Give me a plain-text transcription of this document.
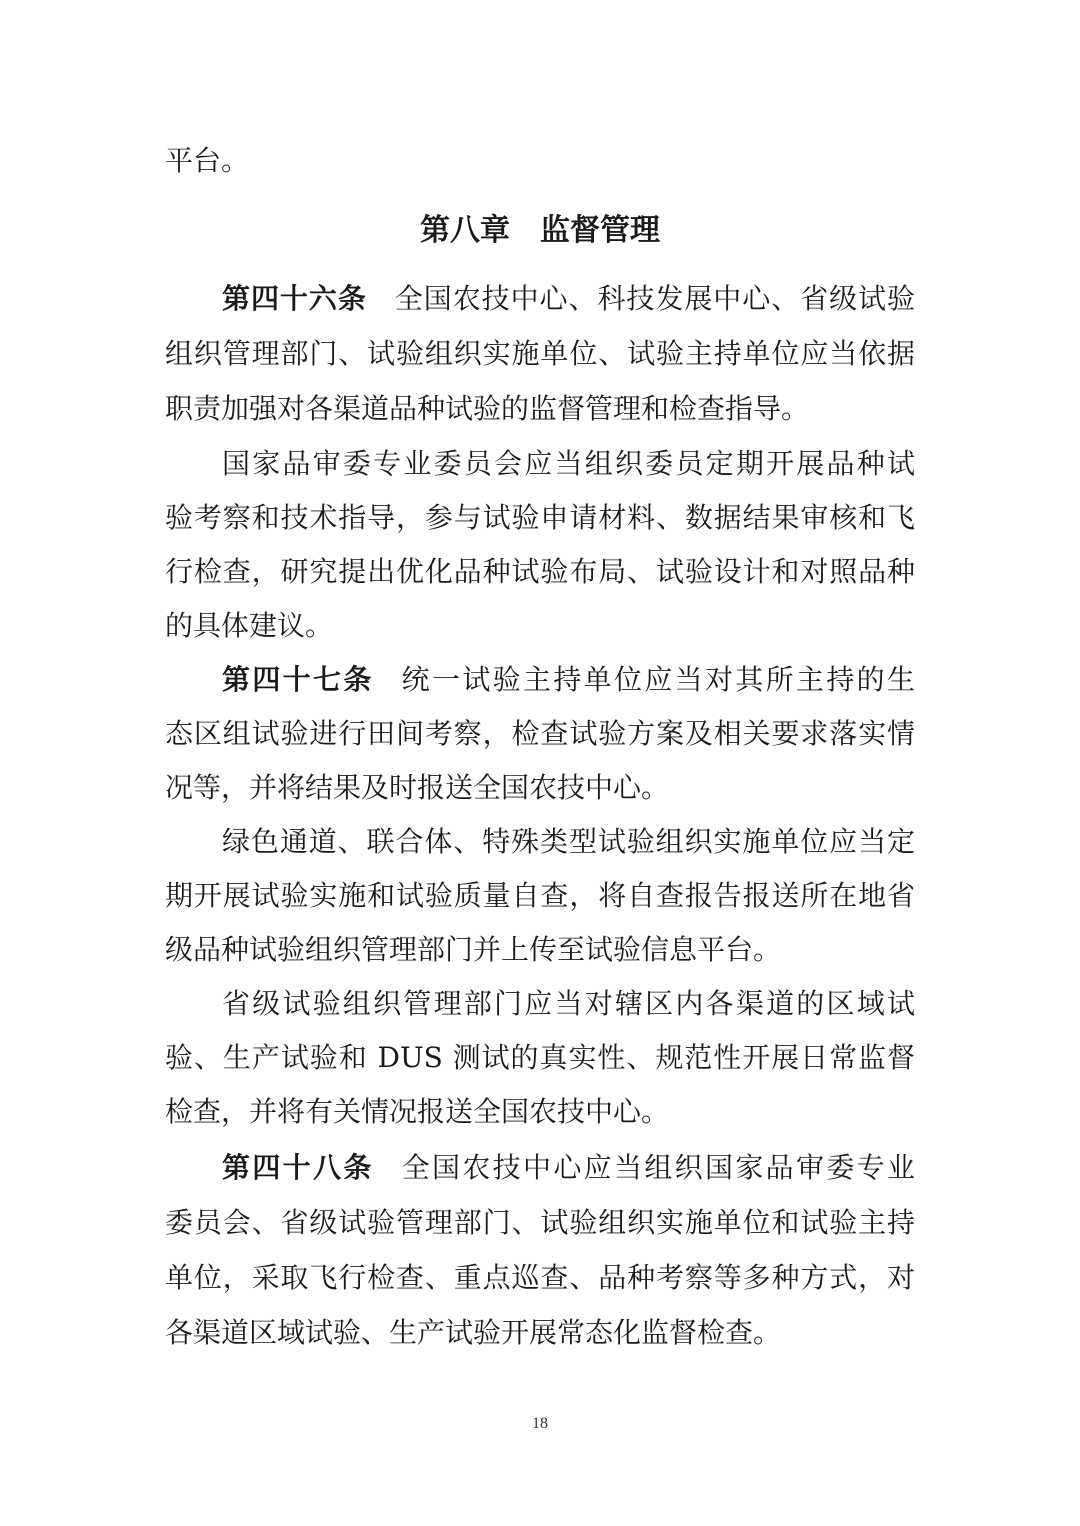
平台。
第八章 监督管理
第四十六条 全国农技中心、科技发展中心、省级试验
组织管理部门、试验组织实施单位、试验主持单位应当依据
职责加强对各渠道品种试验的监督管理和检查指导。
国家品审委专业委员会应当组织委员定期开展品种试
验考察和技术指导，参与试验申请材料、数据结果审核和飞
行检查，研究提出优化品种试验布局、试验设计和对照品种
的具体建议。
第四十七条 统一试验主持单位应当对其所主持的生
态区组试验进行田间考察，检查试验方案及相关要求落实情
况等，并将结果及时报送全国农技中心。
绿色通道、联合体、特殊类型试验组织实施单位应当定
期开展试验实施和试验质量自查，将自查报告报送所在地省
级品种试验组织管理部门并上传至试验信息平台。
省级试验组织管理部门应当对辖区内各渠道的区域试
验、生产试验和 DUS 测试的真实性、规范性开展日常监督
检查，并将有关情况报送全国农技中心。
第四十八条 全国农技中心应当组织国家品审委专业
委员会、省级试验管理部门、试验组织实施单位和试验主持
单位，采取飞行检查、重点巡查、品种考察等多种方式，对
各渠道区域试验、生产试验开展常态化监督检查。
18
